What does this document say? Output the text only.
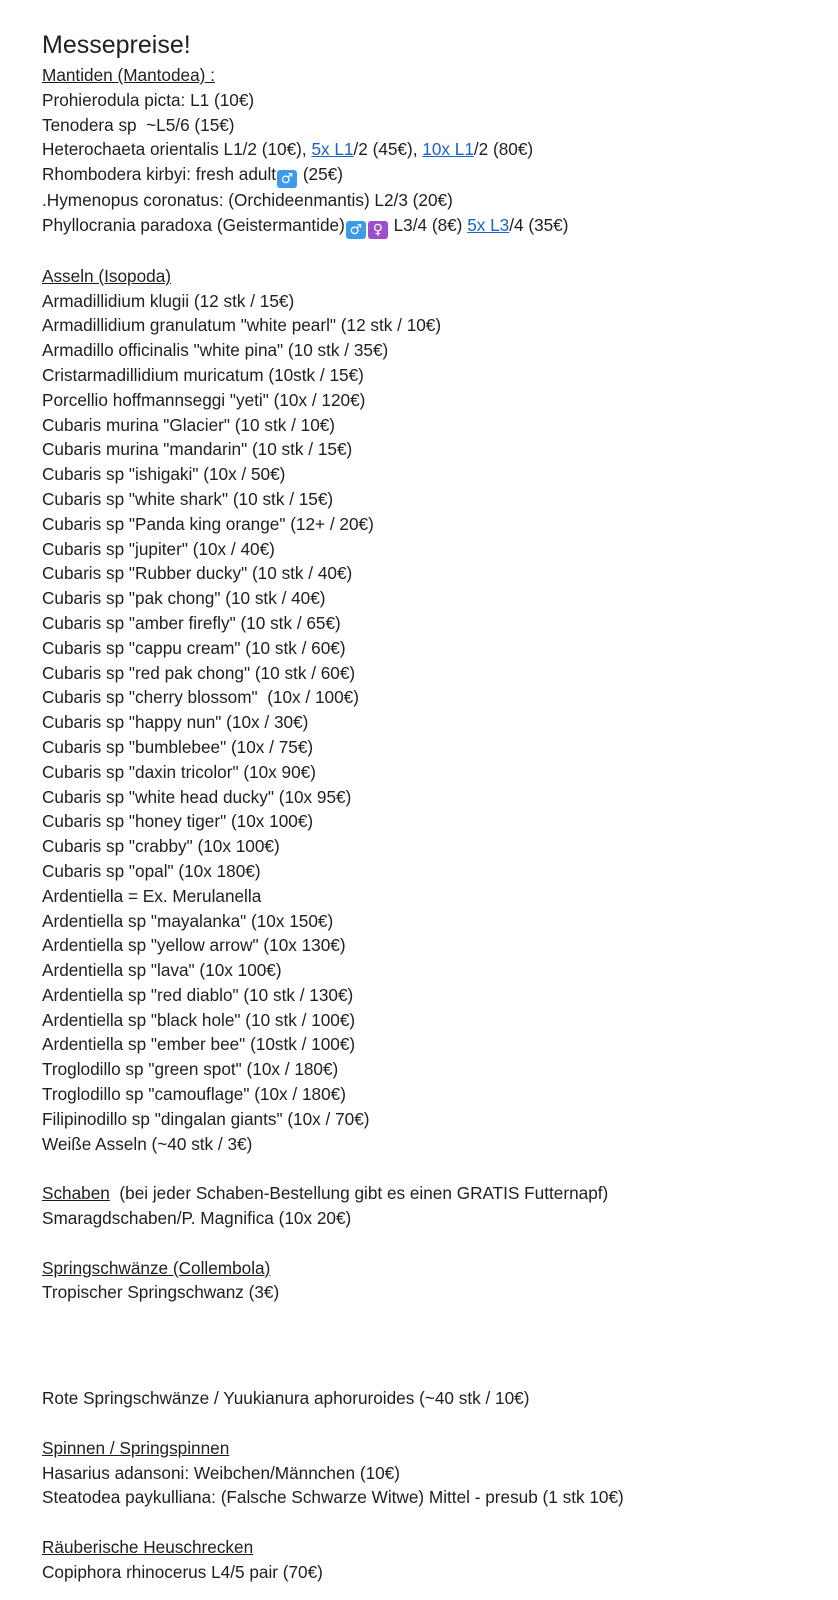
Messepreise!
Mantiden (Mantodea) :
Prohierodula picta: L1 (10€)
Tenodera sp  ~L5/6 (15€)
Heterochaeta orientalis L1/2 (10€), 5x L1/2 (45€), 10x L1/2 (80€)
Rhombodera kirbyi: fresh adult ♂ (25€)
.Hymenopus coronatus: (Orchideenmantis) L2/3 (20€)
Phyllocrania paradoxa (Geistermantide) ♂ ♀ L3/4 (8€) 5x L3/4 (35€)
Asseln (Isopoda)
Armadillidium klugii (12 stk / 15€)
Armadillidium granulatum "white pearl" (12 stk / 10€)
Armadillo officinalis "white pina" (10 stk / 35€)
Cristarmadillidium muricatum (10stk / 15€)
Porcellio hoffmannseggi "yeti" (10x / 120€)
Cubaris murina "Glacier" (10 stk / 10€)
Cubaris murina "mandarin" (10 stk / 15€)
Cubaris sp "ishigaki" (10x / 50€)
Cubaris sp "white shark" (10 stk / 15€)
Cubaris sp "Panda king orange" (12+ / 20€)
Cubaris sp "jupiter" (10x / 40€)
Cubaris sp "Rubber ducky" (10 stk / 40€)
Cubaris sp "pak chong" (10 stk / 40€)
Cubaris sp "amber firefly" (10 stk / 65€)
Cubaris sp "cappu cream" (10 stk / 60€)
Cubaris sp "red pak chong" (10 stk / 60€)
Cubaris sp "cherry blossom"  (10x / 100€)
Cubaris sp "happy nun" (10x / 30€)
Cubaris sp "bumblebee" (10x / 75€)
Cubaris sp "daxin tricolor" (10x 90€)
Cubaris sp "white head ducky" (10x 95€)
Cubaris sp "honey tiger" (10x 100€)
Cubaris sp "crabby" (10x 100€)
Cubaris sp "opal" (10x 180€)
Ardentiella = Ex. Merulanella
Ardentiella sp "mayalanka" (10x 150€)
Ardentiella sp "yellow arrow" (10x 130€)
Ardentiella sp "lava" (10x 100€)
Ardentiella sp "red diablo" (10 stk / 130€)
Ardentiella sp "black hole" (10 stk / 100€)
Ardentiella sp "ember bee" (10stk / 100€)
Troglodillo sp "green spot" (10x / 180€)
Troglodillo sp "camouflage" (10x / 180€)
Filipinodillo sp "dingalan giants" (10x / 70€)
Weiße Asseln (~40 stk / 3€)
Schaben  (bei jeder Schaben-Bestellung gibt es einen GRATIS Futternapf)
Smaragdschaben/P. Magnifica (10x 20€)
Springschwänze (Collembola)
Tropischer Springschwanz (3€)
Rote Springschwänze / Yuukianura aphoruroides (~40 stk / 10€)
Spinnen / Springspinnen
Hasarius adansoni: Weibchen/Männchen (10€)
Steatodea paykulliana: (Falsche Schwarze Witwe) Mittel - presub (1 stk 10€)
Räuberische Heuschrecken
Copiphora rhinocerus L4/5 pair (70€)
